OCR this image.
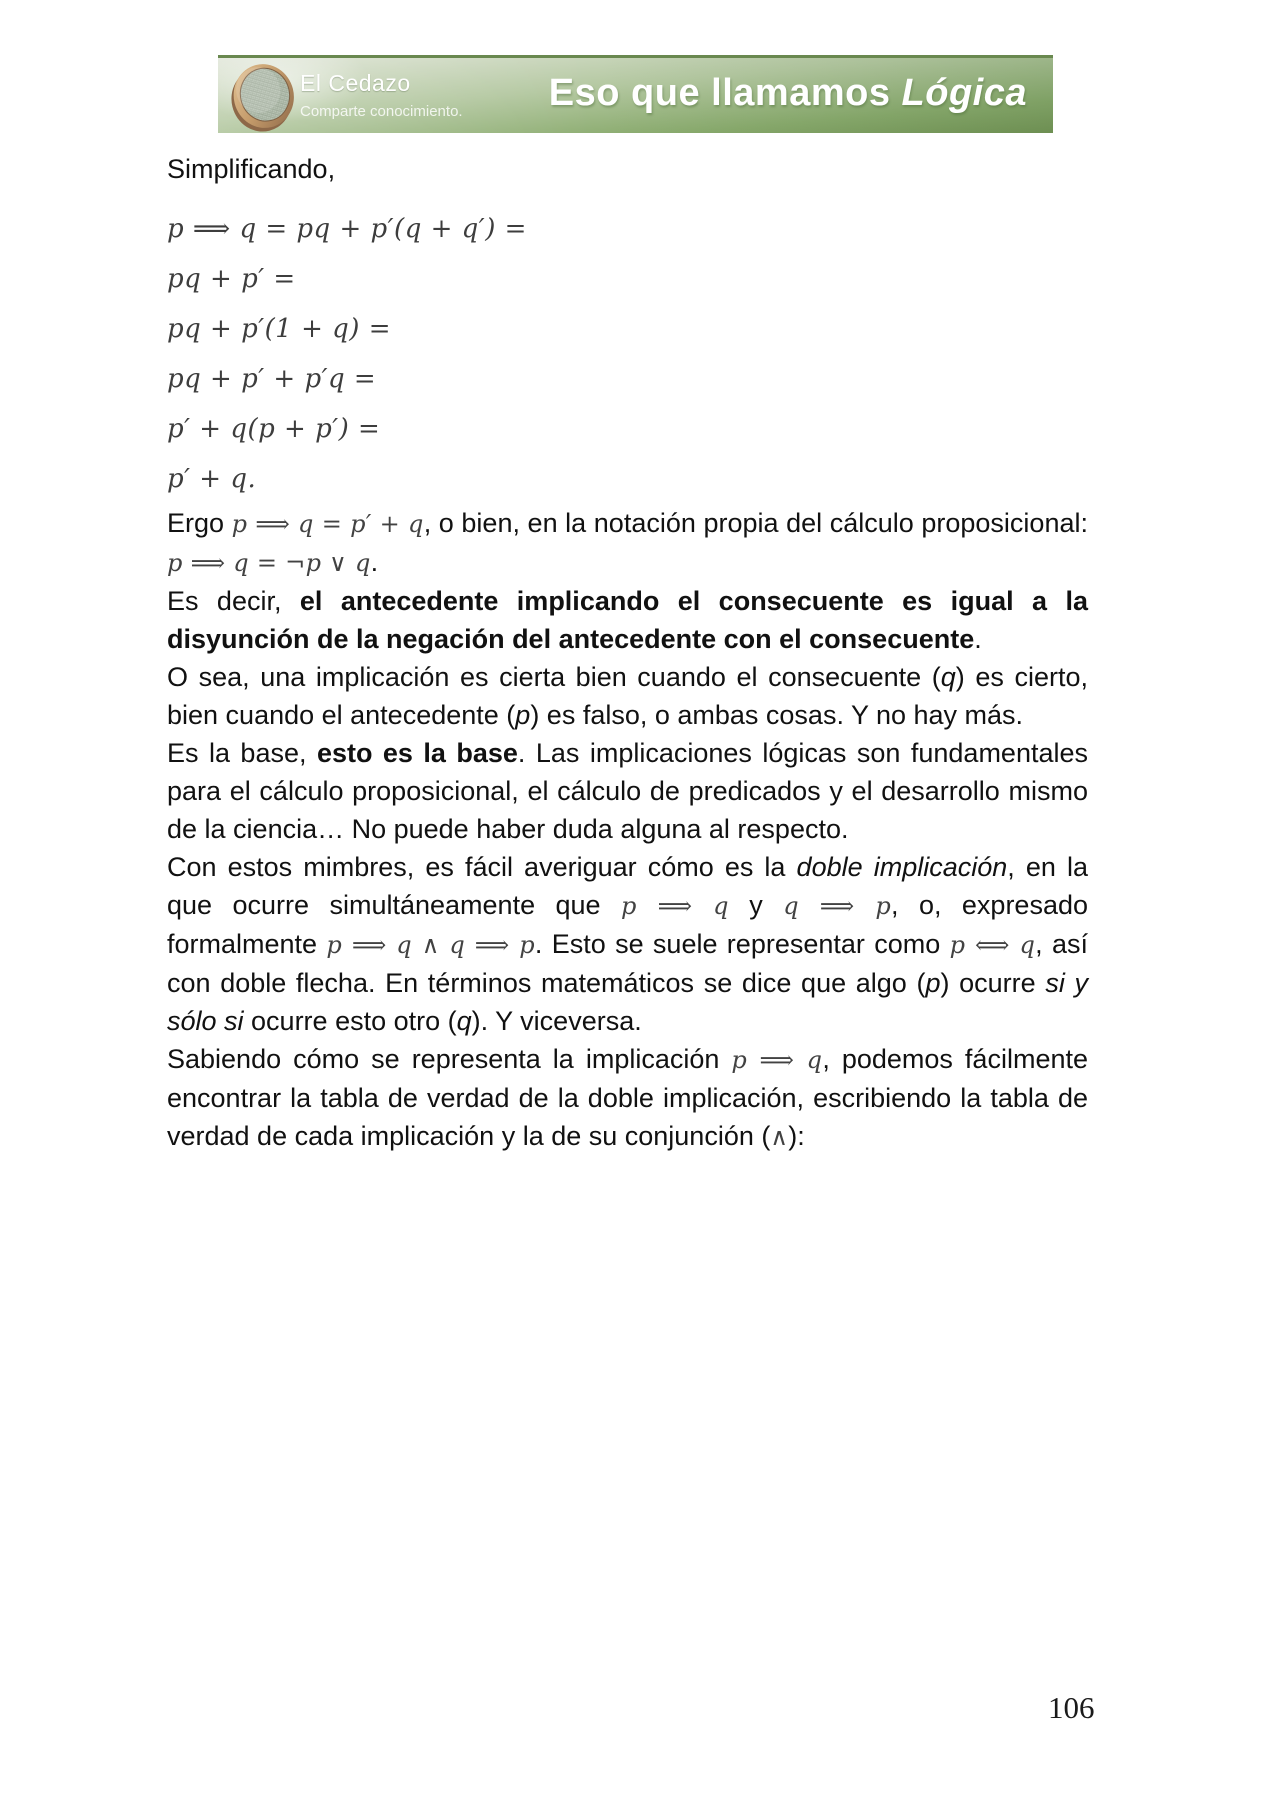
El Cedazo
Comparte conocimiento. Eso que llamamos Lógica

Simplificando,

p ⟹ q = pq + p′(q + q′) =
pq + p′ =
pq + p′(1 + q) =
pq + p′ + p′q =
p′ + q(p + p′) =
p′ + q.

Ergo p ⟹ q = p′ + q, o bien, en la notación propia del cálculo proposicional: p ⟹ q = ¬p ∨ q.

Es decir, el antecedente implicando el consecuente es igual a la disyunción de la negación del antecedente con el consecuente.

O sea, una implicación es cierta bien cuando el consecuente (q) es cierto, bien cuando el antecedente (p) es falso, o ambas cosas. Y no hay más.

Es la base, esto es la base. Las implicaciones lógicas son fundamentales para el cálculo proposicional, el cálculo de predicados y el desarrollo mismo de la ciencia… No puede haber duda alguna al respecto.

Con estos mimbres, es fácil averiguar cómo es la doble implicación, en la que ocurre simultáneamente que p ⟹ q y q ⟹ p, o, expresado formalmente p ⟹ q ∧ q ⟹ p. Esto se suele representar como p ⟺ q, así con doble flecha. En términos matemáticos se dice que algo (p) ocurre si y sólo si ocurre esto otro (q). Y viceversa.

Sabiendo cómo se representa la implicación p ⟹ q, podemos fácilmente encontrar la tabla de verdad de la doble implicación, escribiendo la tabla de verdad de cada implicación y la de su conjunción (∧):

106
